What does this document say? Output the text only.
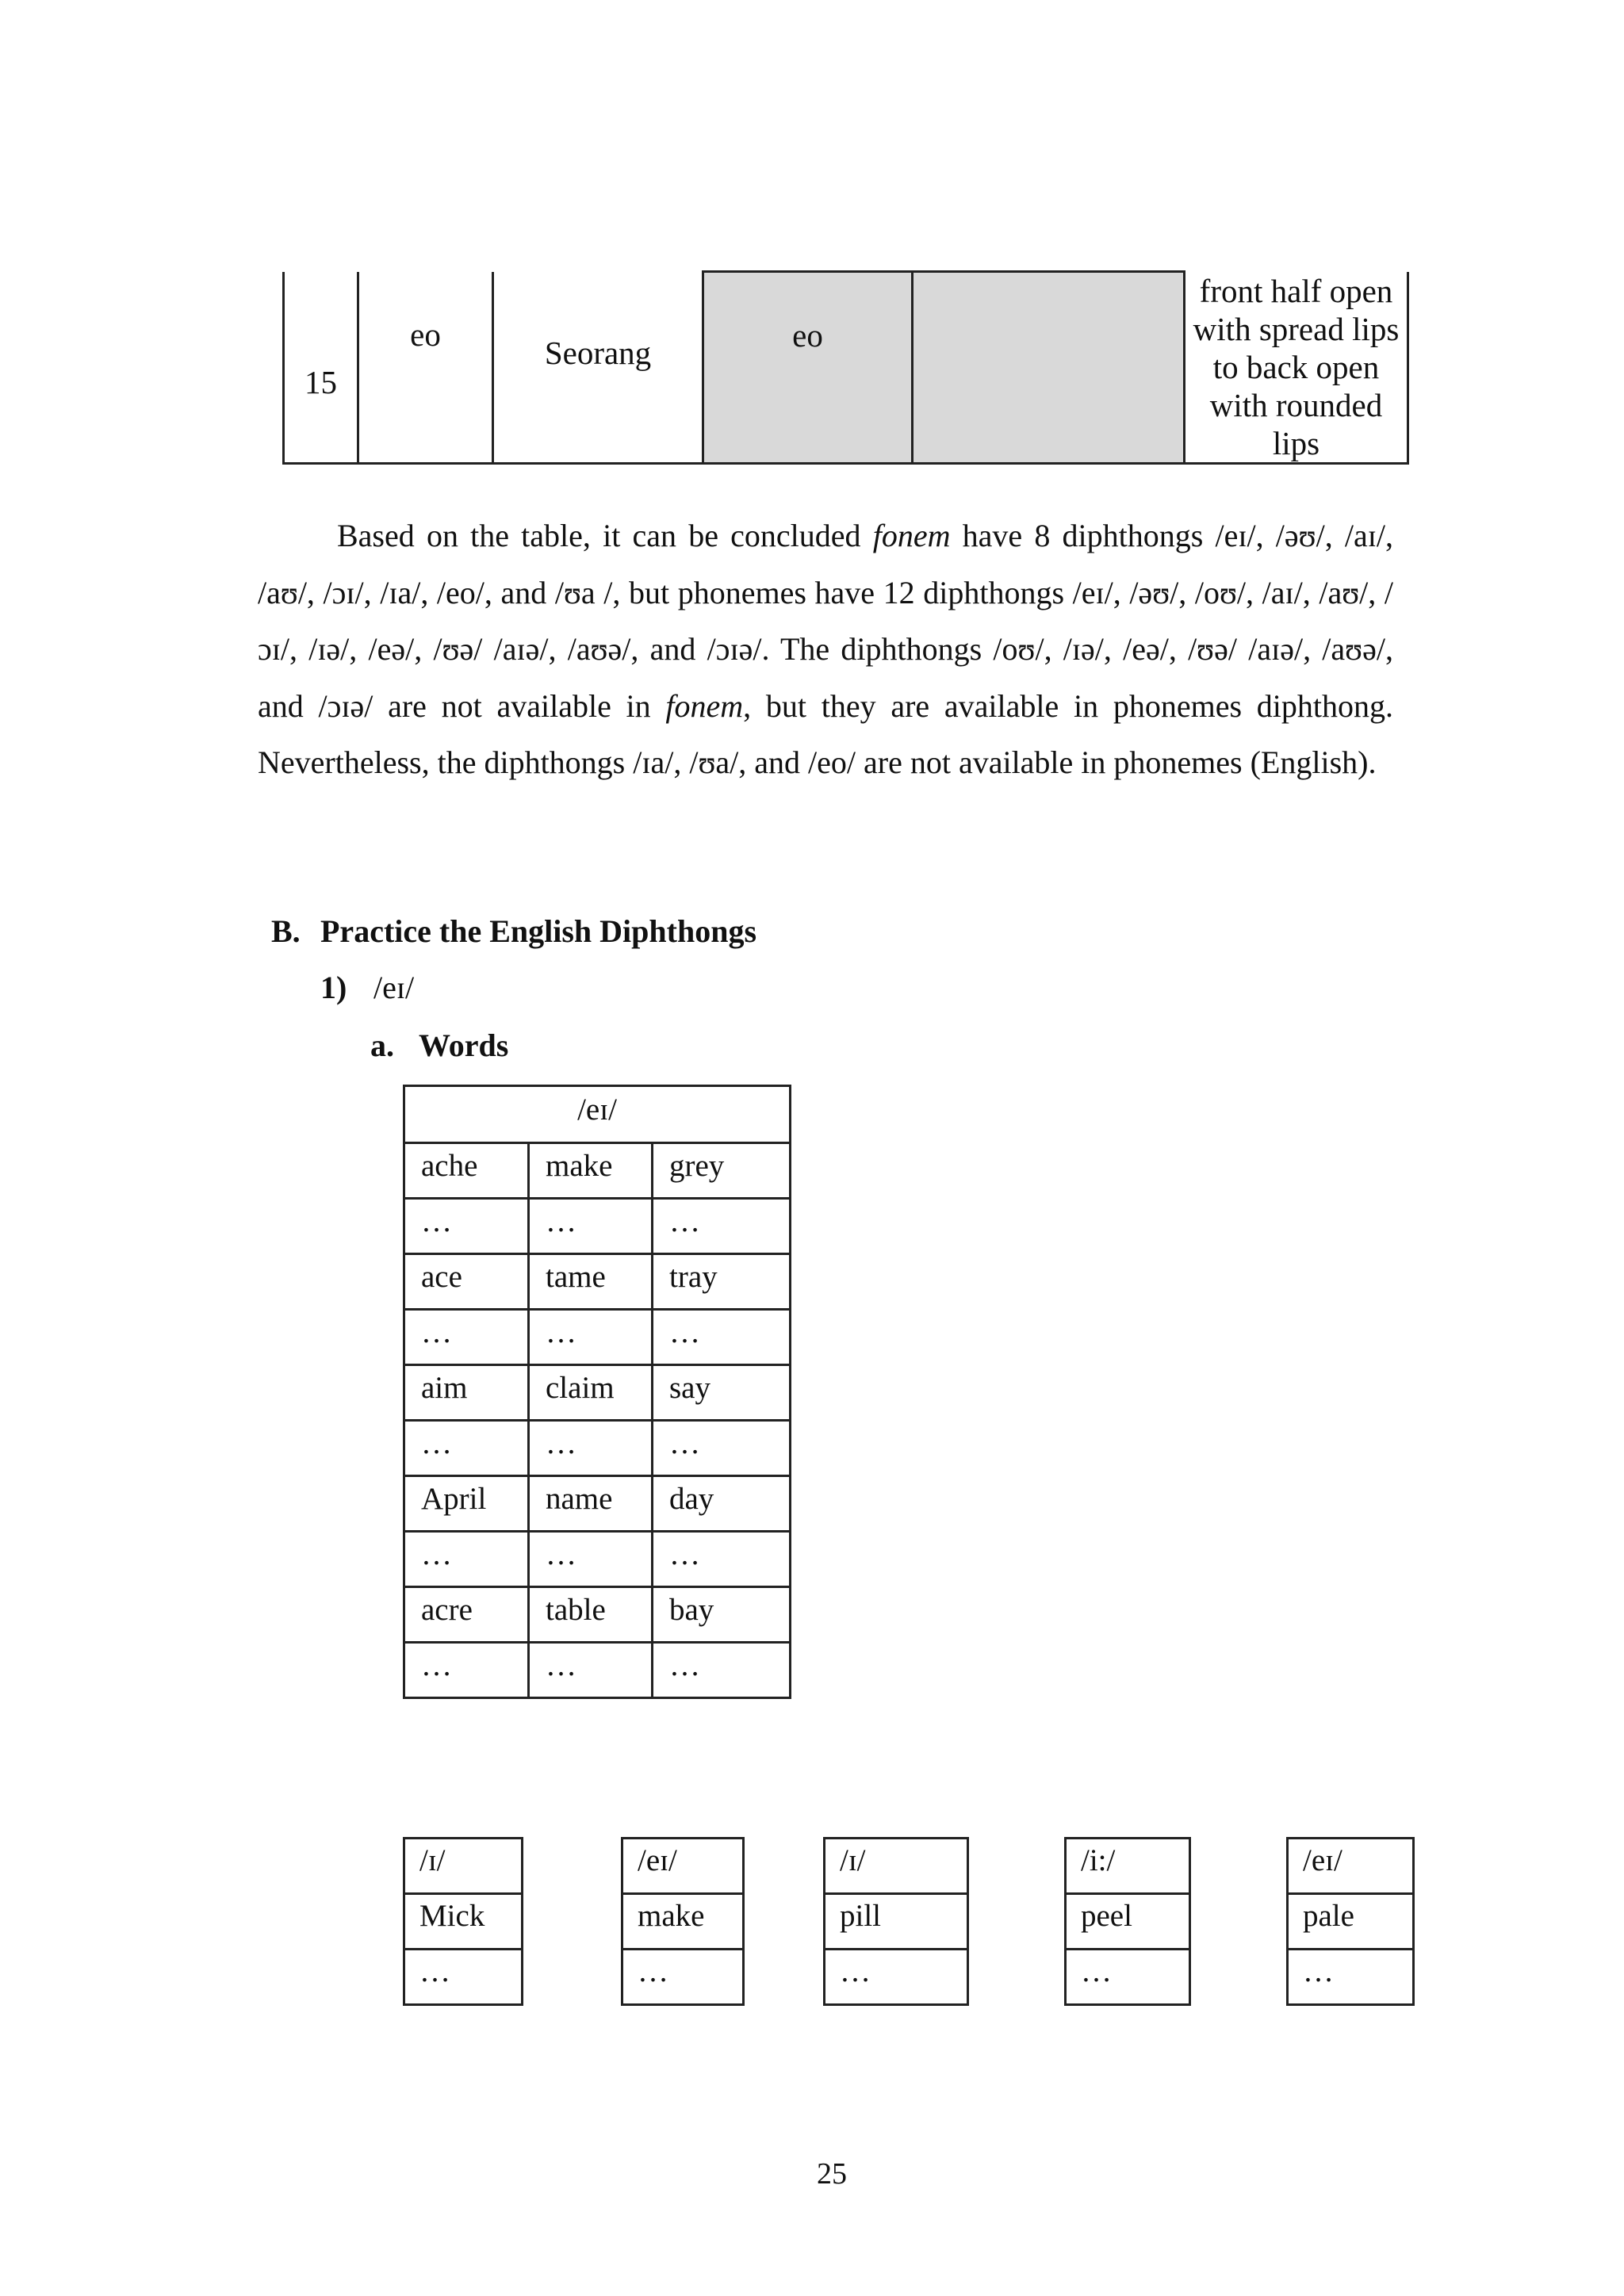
15	eo	Seorang	eo		front half open with spread lips to back open with rounded lips
Based on the table, it can be concluded fonem have 8 diphthongs /eɪ/, /əʊ/, /aɪ/, /aʊ/, /ɔɪ/, /ɪa/, /eo/, and /ʊa /, but phonemes have 12 diphthongs /eɪ/, /əʊ/, /oʊ/, /aɪ/, /aʊ/, /ɔɪ/, /ɪə/, /eə/, /ʊə/ /aɪə/, /aʊə/, and /ɔɪə/. The diphthongs /oʊ/, /ɪə/, /eə/, /ʊə/ /aɪə/, /aʊə/, and /ɔɪə/ are not available in fonem, but they are available in phonemes diphthong. Nevertheless, the diphthongs /ɪa/, /ʊa/, and /eo/ are not available in phonemes (English).
B. Practice the English Diphthongs
1) /eɪ/
a. Words
/eɪ/		
ache	make	grey
…	…	…
ace	tame	tray
…	…	…
aim	claim	say
…	…	…
April	name	day
…	…	…
acre	table	bay
…	…	…
/ɪ/
Mick
…
/eɪ/
make
…
/ɪ/
pill
…
/i:/
peel
…
/eɪ/
pale
…
25
